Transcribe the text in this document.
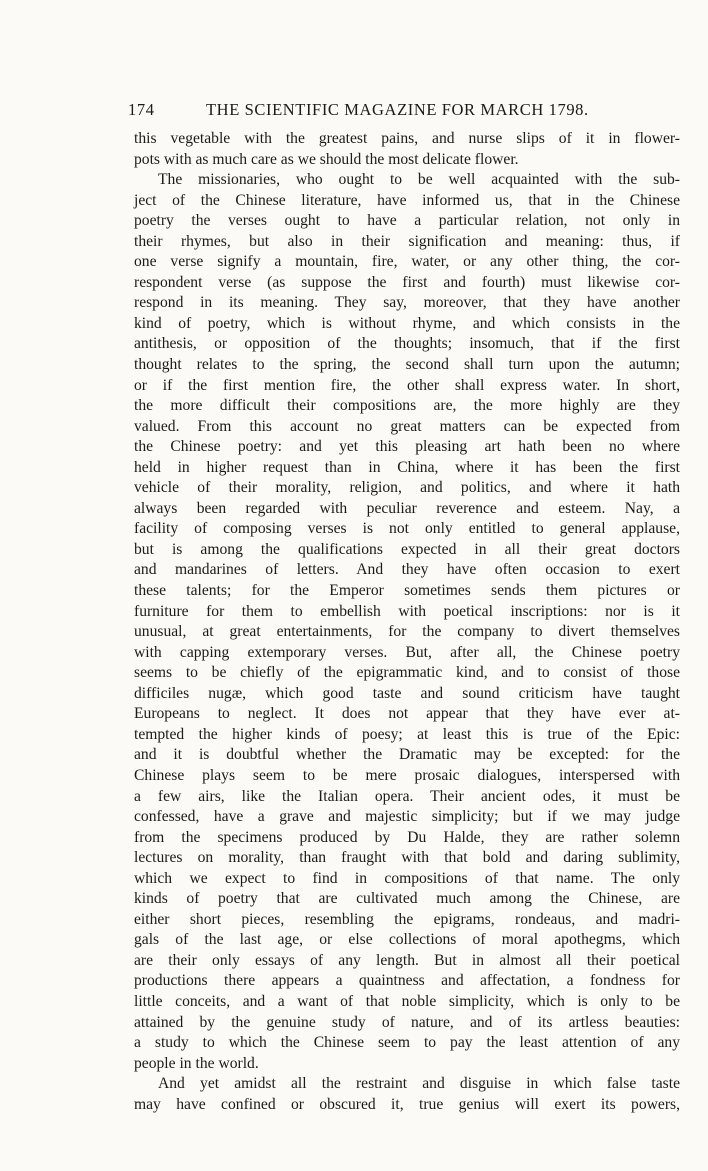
174	THE SCIENTIFIC MAGAZINE FOR MARCH 1798.
this vegetable with the greatest pains, and nurse slips of it in flower-
pots with as much care as we should the most delicate flower.
The missionaries, who ought to be well acquainted with the sub-
ject of the Chinese literature, have informed us, that in the Chinese
poetry the verses ought to have a particular relation, not only in
their rhymes, but also in their signification and meaning: thus, if
one verse signify a mountain, fire, water, or any other thing, the cor-
respondent verse (as suppose the first and fourth) must likewise cor-
respond in its meaning. They say, moreover, that they have another
kind of poetry, which is without rhyme, and which consists in the
antithesis, or opposition of the thoughts; insomuch, that if the first
thought relates to the spring, the second shall turn upon the autumn;
or if the first mention fire, the other shall express water. In short,
the more difficult their compositions are, the more highly are they
valued. From this account no great matters can be expected from
the Chinese poetry: and yet this pleasing art hath been no where
held in higher request than in China, where it has been the first
vehicle of their morality, religion, and politics, and where it hath
always been regarded with peculiar reverence and esteem. Nay, a
facility of composing verses is not only entitled to general applause,
but is among the qualifications expected in all their great doctors
and mandarines of letters. And they have often occasion to exert
these talents; for the Emperor sometimes sends them pictures or
furniture for them to embellish with poetical inscriptions: nor is it
unusual, at great entertainments, for the company to divert themselves
with capping extemporary verses. But, after all, the Chinese poetry
seems to be chiefly of the epigrammatic kind, and to consist of those
difficiles nugæ, which good taste and sound criticism have taught
Europeans to neglect. It does not appear that they have ever at-
tempted the higher kinds of poesy; at least this is true of the Epic:
and it is doubtful whether the Dramatic may be excepted: for the
Chinese plays seem to be mere prosaic dialogues, interspersed with
a few airs, like the Italian opera. Their ancient odes, it must be
confessed, have a grave and majestic simplicity; but if we may judge
from the specimens produced by Du Halde, they are rather solemn
lectures on morality, than fraught with that bold and daring sublimity,
which we expect to find in compositions of that name. The only
kinds of poetry that are cultivated much among the Chinese, are
either short pieces, resembling the epigrams, rondeaus, and madri-
gals of the last age, or else collections of moral apothegms, which
are their only essays of any length. But in almost all their poetical
productions there appears a quaintness and affectation, a fondness for
little conceits, and a want of that noble simplicity, which is only to be
attained by the genuine study of nature, and of its artless beauties:
a study to which the Chinese seem to pay the least attention of any
people in the world.
And yet amidst all the restraint and disguise in which false taste
may have confined or obscured it, true genius will exert its powers,
